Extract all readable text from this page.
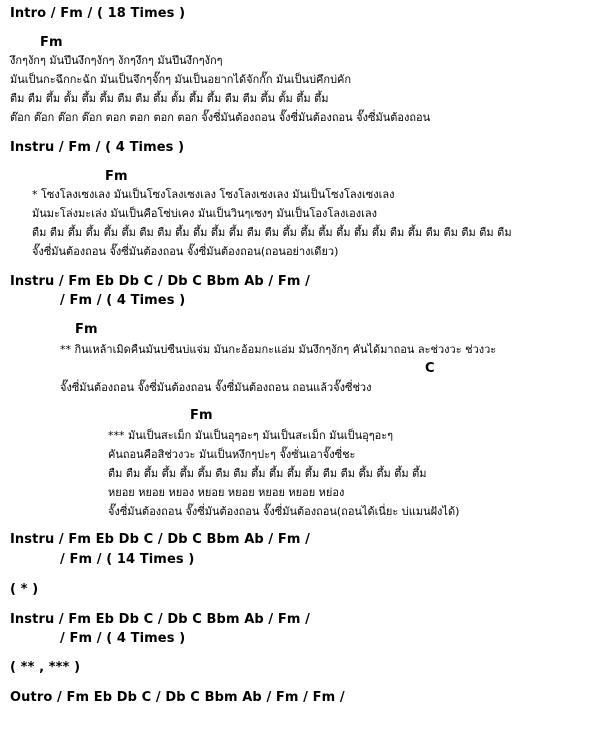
Intro / Fm / ( 18 Times )
Fm
งึกๆงักๆ มันปึนงึกๆงักๆ งักๆงึกๆ มันปึนงึกๆงักๆ
มันเป็นกะฉึกกะฉัก มันเป็นจึกๆจั๊กๆ มันเป็นอยากได้จักกั๊ก มันเป็นบ่คึกบ่คัก
ตืม ตืม ตึ้ม ตั้ม ตึ้ม ตึ้ม ตืม ตืม ตึ้ม ตั้ม ตึ้ม ตึ้ม ตืม ตืม ตึ้ม ตั้ม ตึ้ม ตึ้ม
ต๊อก ต๊อก ต๊อก ต๊อก ตอก ตอก ตอก ตอก จั๊งซี่มันต้องถอน จั๊งซี่มันต้องถอน จั๊งซี่มันต้องถอน
Instru / Fm / ( 4 Times )
Fm
* โซงโลงเซงเลง มันเป็นโซงโลงเซงเลง โซงโลงเซงเลง มันเป็นโซงโลงเซงเลง
มันมะโล่งมะเล่ง มันเป็นคือโซ่บ่เคง มันเป็นวินๆเซงๆ มันเป็นโองโลงเองเลง
ตืม ตืม ตึ้ม ตึ้ม ตึ้ม ตึ้ม ตืม ตืม ตึ้ม ตึ้ม ตึ้ม ตึ้ม ตืม ตืม ตึ้ม ตึ้ม ตึ้ม ตึ้ม ตึ้ม ตึ้ม ตืม ตึ้ม ตืม ตืม ตืม ตืม ตืม
จั๊งซี่มันต้องถอน จั๊งซี่มันต้องถอน จั๊งซี่มันต้องถอน(ถอนอย่างเดียว)
Instru / Fm Eb Db C / Db C Bbm Ab / Fm /
/ Fm / ( 4 Times )
Fm
** กินเหล้าเมิดคืนมันบ่ซืนบ่แจ่ม มันกะอ้อมกะแอ่ม มันงึกๆงักๆ คันได้มาถอน ละช่วงวะ ช่วงวะ
C
จั๊งซี่มันต้องถอน จั๊งซี่มันต้องถอน จั๊งซี่มันต้องถอน ถอนแล้วจั๊งซี่ช่วง
Fm
*** มันเป็นสะเม็ก มันเป็นอุๆอะๆ มันเป็นสะเม็ก มันเป็นอุๆอะๆ
คันถอนคือสิช่วงวะ มันเป็นหงึกๆปะๆ จั๊งซั่นเอาจั๊งซี่ชะ
ตืม ตืม ตึ้ม ตึ้ม ตึ้ม ตึ้ม ตืม ตืม ตึ้ม ตึ้ม ตึ้ม ตึ้ม ตืม ตืม ตึ้ม ตึ้ม ตึ้ม ตึ้ม
หยอย หยอย หยอง หยอย หยอย หยอย หยอย หย่อง
จั๊งซี่มันต้องถอน จั๊งซี่มันต้องถอน จั๊งซี่มันต้องถอน(ถอนได้เนี่ยะ บ่แมนฝังได้)
Instru / Fm Eb Db C / Db C Bbm Ab / Fm /
/ Fm / ( 14 Times )
( * )
Instru / Fm Eb Db C / Db C Bbm Ab / Fm /
/ Fm / ( 4 Times )
( ** , *** )
Outro / Fm Eb Db C / Db C Bbm Ab / Fm / Fm /
